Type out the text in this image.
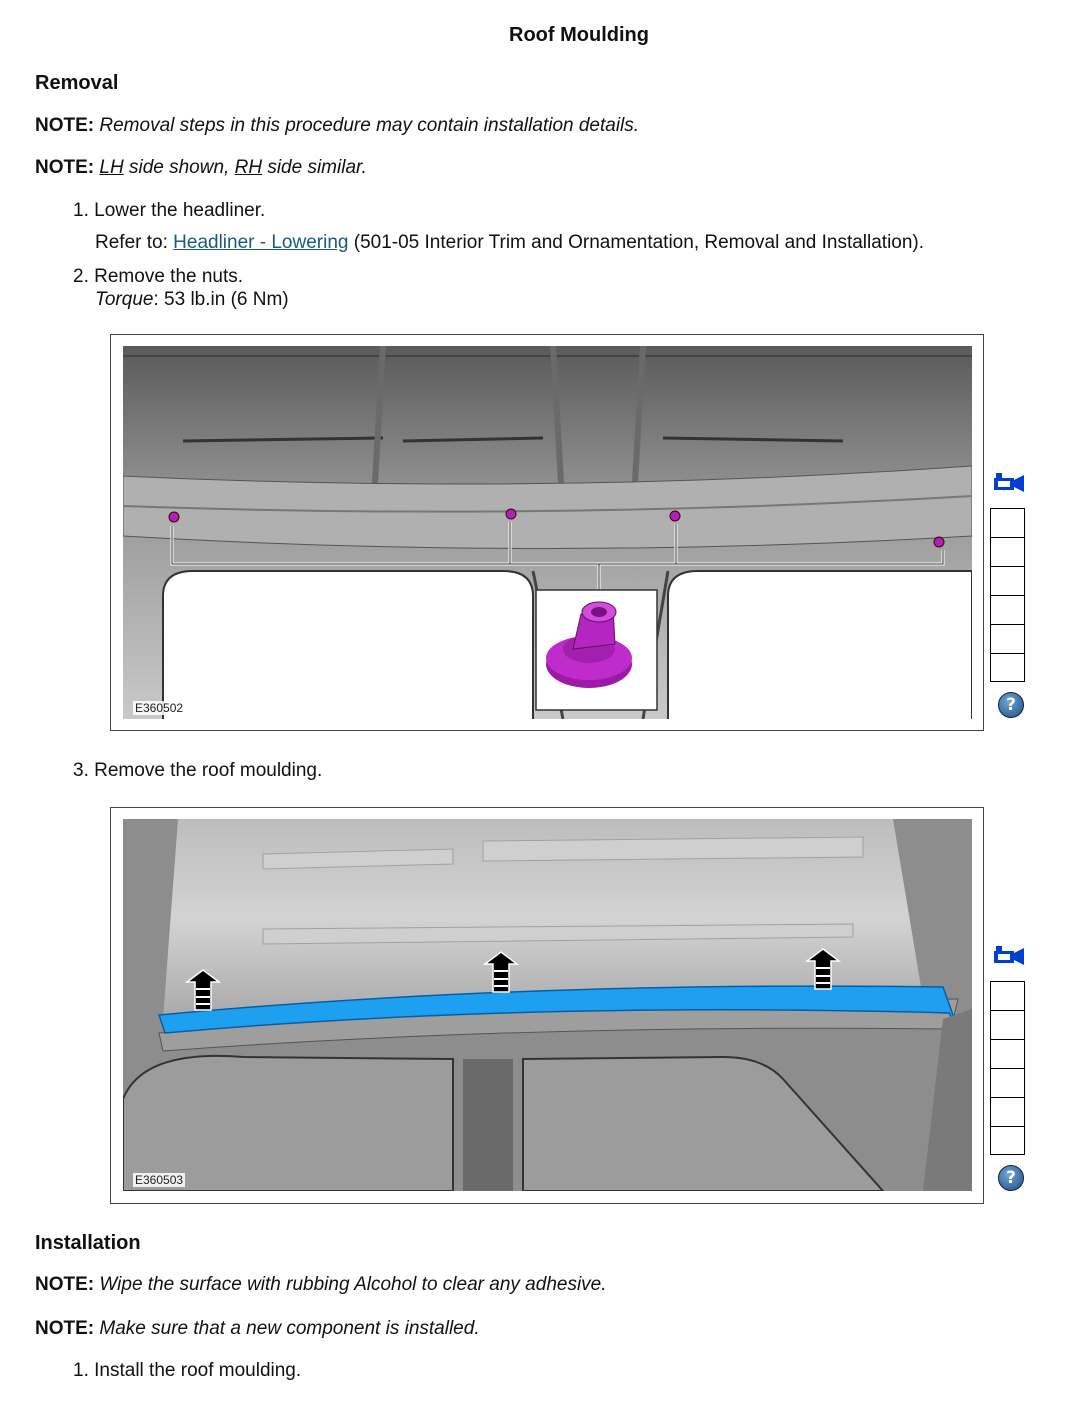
Roof Moulding
Removal
NOTE: Removal steps in this procedure may contain installation details.
NOTE: LH side shown, RH side similar.
1. Lower the headliner.
Refer to: Headliner - Lowering (501-05 Interior Trim and Ornamentation, Removal and Installation).
2. Remove the nuts.
Torque: 53 lb.in (6 Nm)
E360502	?
3. Remove the roof moulding.
E360503	?
Installation
NOTE: Wipe the surface with rubbing Alcohol to clear any adhesive.
NOTE: Make sure that a new component is installed.
1. Install the roof moulding.
